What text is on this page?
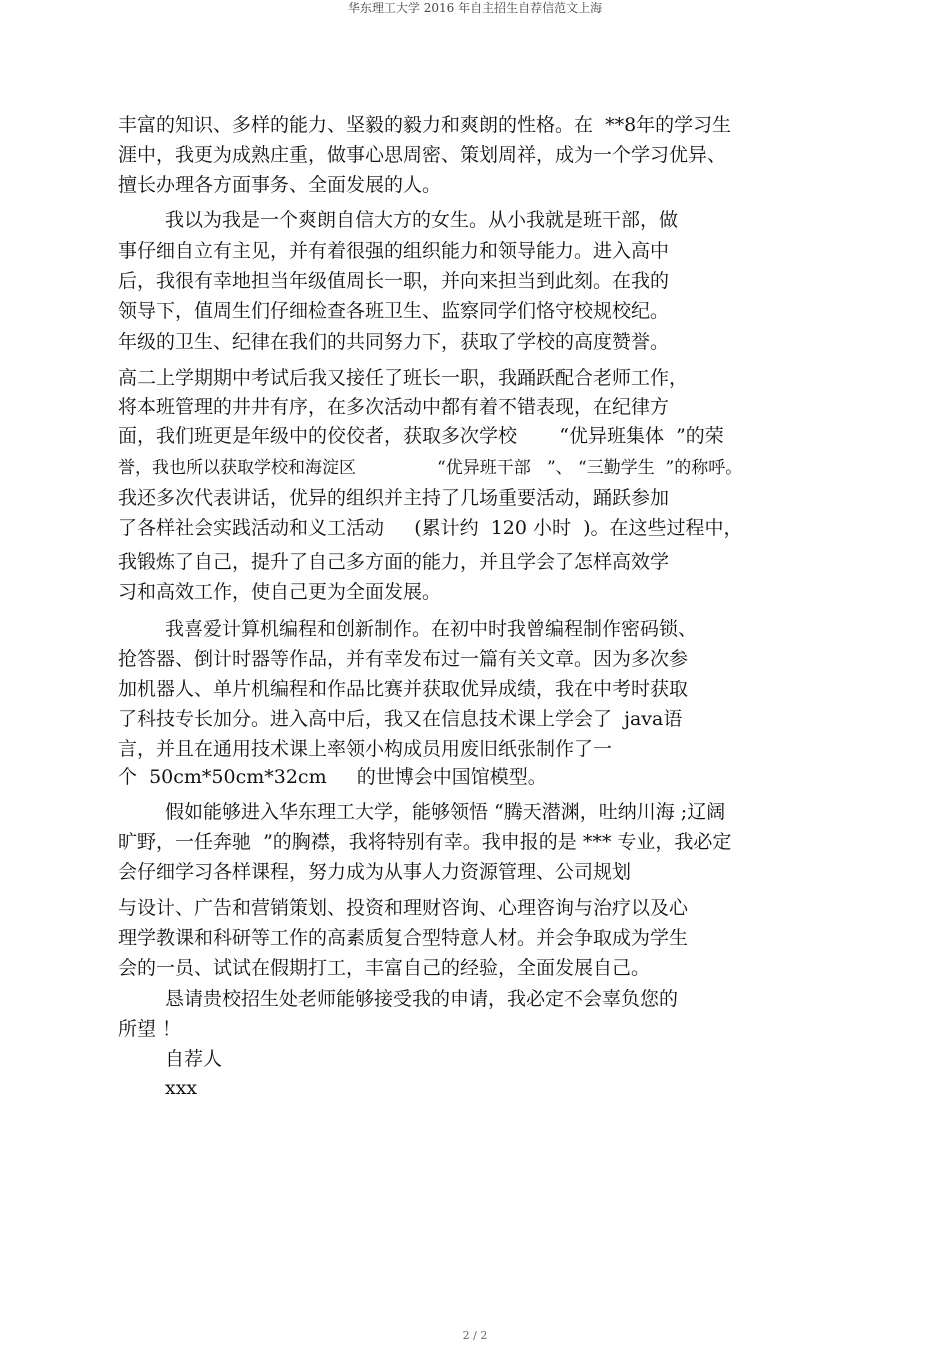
华东理工大学 2016 年自主招生自荐信范文上海
丰富的知识、多样的能力、坚毅的毅力和爽朗的性格。在  **8年的学习生
涯中，我更为成熟庄重，做事心思周密、策划周祥，成为一个学习优异、
擅长办理各方面事务、全面发展的人。
我以为我是一个爽朗自信大方的女生。从小我就是班干部，做
事仔细自立有主见，并有着很强的组织能力和领导能力。进入高中
后，我很有幸地担当年级值周长一职，并向来担当到此刻。在我的
领导下，值周生们仔细检查各班卫生、监察同学们恪守校规校纪。
年级的卫生、纪律在我们的共同努力下，获取了学校的高度赞誉。
高二上学期期中考试后我又接任了班长一职，我踊跃配合老师工作，
将本班管理的井井有序，在多次活动中都有着不错表现，在纪律方
面，我们班更是年级中的佼佼者，获取多次学校       “优异班集体  ”的荣
誉，我也所以获取学校和海淀区               “优异班干部   ”、 “三勤学生  ”的称呼。
我还多次代表讲话，优异的组织并主持了几场重要活动，踊跃参加
了各样社会实践活动和义工活动     (累计约  120 小时  )。在这些过程中，
我锻炼了自己，提升了自己多方面的能力，并且学会了怎样高效学
习和高效工作，使自己更为全面发展。
我喜爱计算机编程和创新制作。在初中时我曾编程制作密码锁、
抢答器、倒计时器等作品，并有幸发布过一篇有关文章。因为多次参
加机器人、单片机编程和作品比赛并获取优异成绩，我在中考时获取
了科技专长加分。进入高中后，我又在信息技术课上学会了  java语
言，并且在通用技术课上率领小构成员用废旧纸张制作了一
个  50cm*50cm*32cm     的世博会中国馆模型。
假如能够进入华东理工大学，能够领悟 “腾天潜渊，吐纳川海 ;辽阔
旷野，一任奔驰  ”的胸襟，我将特别有幸。我申报的是 *** 专业，我必定
会仔细学习各样课程，努力成为从事人力资源管理、公司规划
与设计、广告和营销策划、投资和理财咨询、心理咨询与治疗以及心
理学教课和科研等工作的高素质复合型特意人材。并会争取成为学生
会的一员、试试在假期打工，丰富自己的经验，全面发展自己。
恳请贵校招生处老师能够接受我的申请，我必定不会辜负您的
所望 ！
自荐人
xxx
2 / 2
